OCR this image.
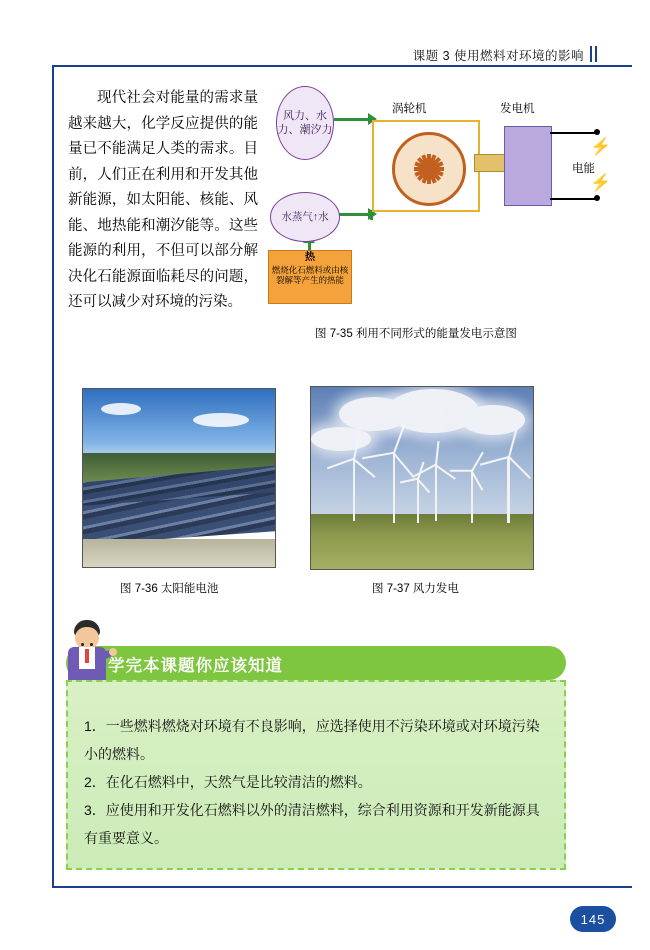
课题 3 使用燃料对环境的影响

现代社会对能量的需求量越来越大，化学反应提供的能量已不能满足人类的需求。目前，人们正在利用和开发其他新能源，如太阳能、核能、风能、地热能和潮汐能等。这些能源的利用，不但可以部分解决化石能源面临耗尽的问题，还可以减少对环境的污染。

风力、水力、潮汐力
水蒸气↑水
热
燃烧化石燃料或由核裂解等产生的热能
涡轮机	发电机
电能
⚡
⚡
图 7-35 利用不同形式的能量发电示意图
图 7-36 太阳能电池	图 7-37 风力发电
学完本课题你应该知道

1．一些燃料燃烧对环境有不良影响，应选择使用不污染环境或对环境污染小的燃料。

2．在化石燃料中，天然气是比较清洁的燃料。

3．应使用和开发化石燃料以外的清洁燃料，综合利用资源和开发新能源具有重要意义。

145
